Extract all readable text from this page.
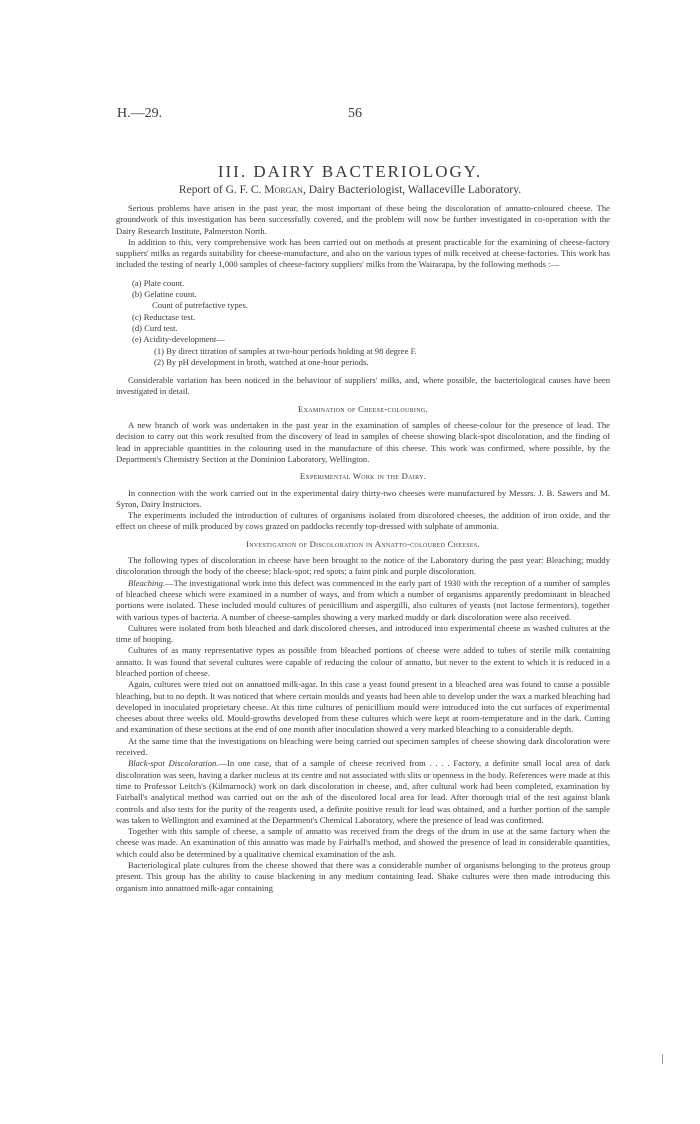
H.—29.	56
III. DAIRY BACTERIOLOGY.
Report of G. F. C. Morgan, Dairy Bacteriologist, Wallaceville Laboratory.

Serious problems have arisen in the past year, the most important of these being the discoloration of annatto-coloured cheese. The groundwork of this investigation has been successfully covered, and the problem will now be further investigated in co-operation with the Dairy Research Institute, Palmerston North.

In addition to this, very comprehensive work has been carried out on methods at present practicable for the examining of cheese-factory suppliers' milks as regards suitability for cheese-manufacture, and also on the various types of milk received at cheese-factories. This work has included the testing of nearly 1,000 samples of cheese-factory suppliers' milks from the Wairarapa, by the following methods :—

(a) Plate count.
(b) Gelatine count.
Count of putrefactive types.
(c) Reductase test.
(d) Curd test.
(e) Acidity-development—
(1) By direct titration of samples at two-hour periods holding at 98 degree F.
(2) By pH development in broth, watched at one-hour periods.

Considerable variation has been noticed in the behaviour of suppliers' milks, and, where possible, the bacteriological causes have been investigated in detail.

Examination of Cheese-colouring.

A new branch of work was undertaken in the past year in the examination of samples of cheese-colour for the presence of lead. The decision to carry out this work resulted from the discovery of lead in samples of cheese showing black-spot discoloration, and the finding of lead in appreciable quantities in the colouring used in the manufacture of this cheese. This work was confirmed, where possible, by the Department's Chemistry Section at the Dominion Laboratory, Wellington.

Experimental Work in the Dairy.

In connection with the work carried out in the experimental dairy thirty-two cheeses were manufactured by Messrs. J. B. Sawers and M. Syron, Dairy Instructors.

The experiments included the introduction of cultures of organisms isolated from discolored cheeses, the addition of iron oxide, and the effect on cheese of milk produced by cows grazed on paddocks recently top-dressed with sulphate of ammonia.

Investigation of Discoloration in Annatto-coloured Cheeses.

The following types of discoloration in cheese have been brought to the notice of the Laboratory during the past year: Bleaching; muddy discoloration through the body of the cheese; black-spot; red spots; a faint pink and purple discoloration.

Bleaching.—The investigational work into this defect was commenced in the early part of 1930 with the reception of a number of samples of bleached cheese which were examined in a number of ways, and from which a number of organisms apparently predominant in bleached portions were isolated. These included mould cultures of penicillium and aspergilli, also cultures of yeasts (not lactose fermentors), together with various types of bacteria. A number of cheese-samples showing a very marked muddy or dark discoloration were also received.

Cultures were isolated from both bleached and dark discolored cheeses, and introduced into experimental cheese as washed cultures at the time of hooping.

Cultures of as many representative types as possible from bleached portions of cheese were added to tubes of sterile milk containing annatto. It was found that several cultures were capable of reducing the colour of annatto, but never to the extent to which it is reduced in a bleached portion of cheese.

Again, cultures were tried out on annattoed milk-agar. In this case a yeast found present in a bleached area was found to cause a possible bleaching, but to no depth. It was noticed that where certain moulds and yeasts had been able to develop under the wax a marked bleaching had developed in inoculated proprietary cheese. At this time cultures of penicillium mould were introduced into the cut surfaces of experimental cheeses about three weeks old. Mould-growths developed from these cultures which were kept at room-temperature and in the dark. Cutting and examination of these sections at the end of one month after inoculation showed a very marked bleaching to a considerable depth.

At the same time that the investigations on bleaching were being carried out specimen samples of cheese showing dark discoloration were received.

Black-spot Discoloration.—In one case, that of a sample of cheese received from . . . . Factory, a definite small local area of dark discoloration was seen, having a darker nucleus at its centre and not associated with slits or openness in the body. References were made at this time to Professor Leitch's (Kilmarnock) work on dark discoloration in cheese, and, after cultural work had been completed, examination by Fairhall's analytical method was carried out on the ash of the discolored local area for lead. After thorough trial of the test against blank controls and also tests for the purity of the reagents used, a definite positive result for lead was obtained, and a further portion of the sample was taken to Wellington and examined at the Department's Chemical Laboratory, where the presence of lead was confirmed.

Together with this sample of cheese, a sample of annatto was received from the dregs of the drum in use at the same factory when the cheese was made. An examination of this annatto was made by Fairhall's method, and showed the presence of lead in considerable quantities, which could also be determined by a qualitative chemical examination of the ash.

Bacteriological plate cultures from the cheese showed that there was a considerable number of organisms belonging to the proteus group present. This group has the ability to cause blackening in any medium containing lead. Shake cultures were then made introducing this organism into annattoed milk-agar containing
